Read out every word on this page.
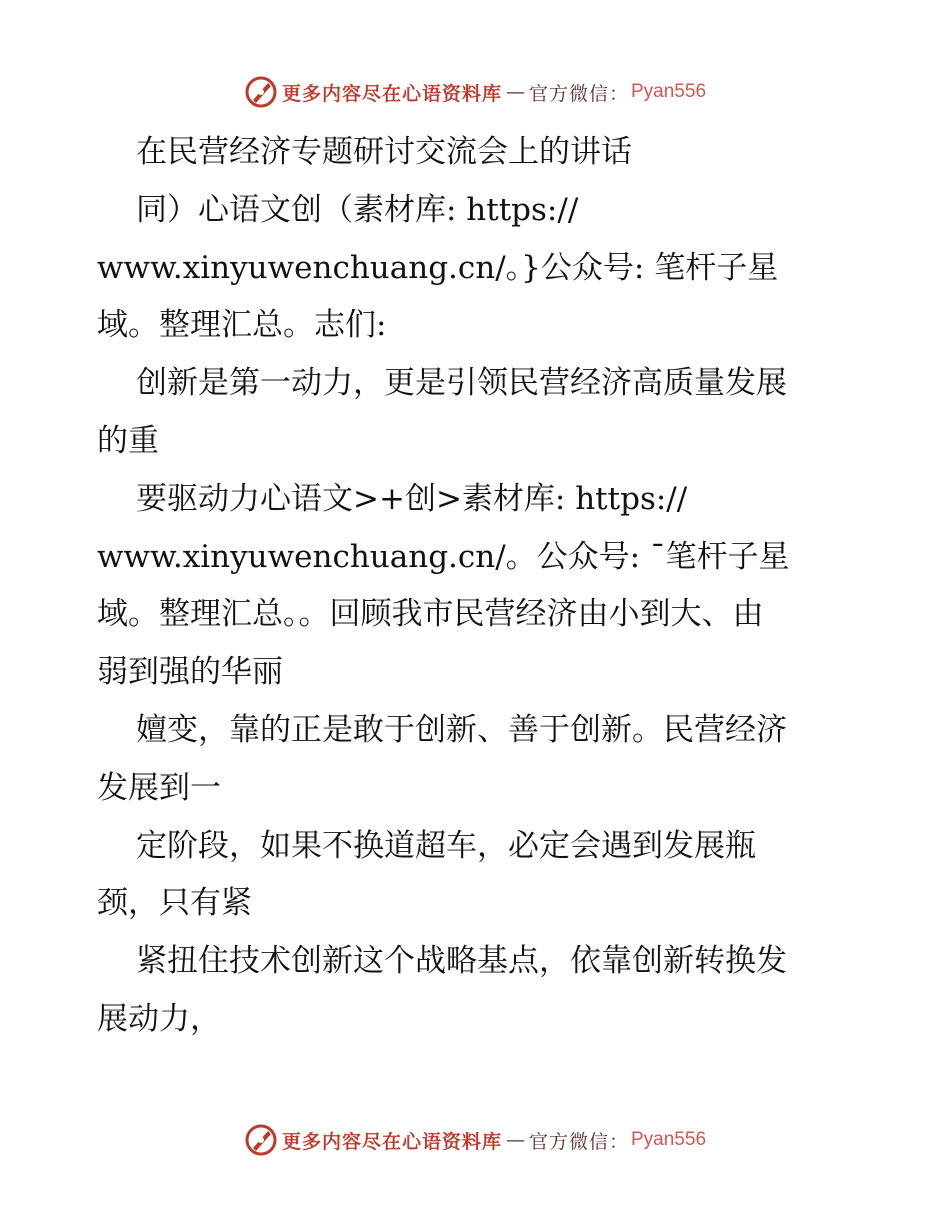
更多内容尽在心语资料库 — 官方微信： Pyan556
在民营经济专题研讨交流会上的讲话
同）心语文创（素材库: https://
www.xinyuwenchuang.cn/。}公众号: 笔杆子星
域。整理汇总。志们:
创新是第一动力，更是引领民营经济高质量发展
的重
要驱动力心语文>+创>素材库: https://
www.xinyuwenchuang.cn/。公众号: ¯笔杆子星
域。整理汇总。。回顾我市民营经济由小到大、由
弱到强的华丽
嬗变，靠的正是敢于创新、善于创新。民营经济
发展到一
定阶段，如果不换道超车，必定会遇到发展瓶
颈，只有紧
紧扭住技术创新这个战略基点，依靠创新转换发
展动力，
更多内容尽在心语资料库 — 官方微信： Pyan556
